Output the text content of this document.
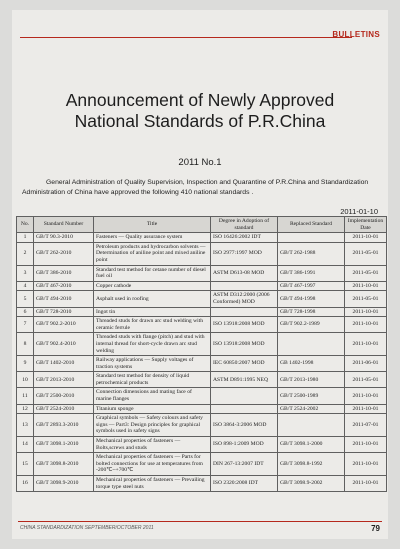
BULLETINS
Announcement of Newly Approved
National Standards of P.R.China
2011 No.1
General Administration of Quality Supervision, Inspection and Quarantine of P.R.China and Standardization Administration of China have approved the following 410 national standards .
2011-01-10
No.	Standard Number	Title	Degree in Adoption of standard	Replaced Standard	Implementation Date
1	GB/T 90.3-2010	Fasteners — Quality assurance system	ISO 16426:2002 IDT		2011-10-01
2	GB/T 262-2010	Petroleum products and hydrocarbon solvents — Determination of aniline point and mixed aniline point	ISO 2977:1997 MOD	GB/T 262-1988	2011-05-01
3	GB/T 386-2010	Standard test method for cetane number of diesel fuel oil	ASTM D613-08 MOD	GB/T 386-1991	2011-05-01
4	GB/T 467-2010	Copper cathode		GB/T 467-1997	2011-10-01
5	GB/T 494-2010	Asphalt used in roofing	ASTM D312:2000 (2006 Conformed) MOD	GB/T 494-1998	2011-05-01
6	GB/T 728-2010	Ingot tin		GB/T 728-1998	2011-10-01
7	GB/T 902.2-2010	Threaded studs for drawn arc stud welding with ceramic ferrule	ISO 13918:2008 MOD	GB/T 902.2-1989	2011-10-01
8	GB/T 902.4-2010	Threaded studs with flange (pitch) and stud with internal thread for short-cycle drawn arc stud welding	ISO 13918:2008 MOD		2011-10-01
9	GB/T 1402-2010	Railway applications — Supply voltages of traction systems	IEC 60850:2007 MOD	GB 1402-1998	2011-06-01
10	GB/T 2013-2010	Standard test method for density of liquid petrochemical products	ASTM D891:1995 NEQ	GB/T 2013-1980	2011-05-01
11	GB/T 2500-2010	Connection dimensions and mating face of marine flanges		GB/T 2500-1989	2011-10-01
12	GB/T 2524-2010	Titanium sponge		GB/T 2524-2002	2011-10-01
13	GB/T 2893.3-2010	Graphical symbols — Safety colours and safety signs — Part3: Design principles for graphical symbols used in safety signs	ISO 3864-3:2006 MOD		2011-07-01
14	GB/T 3098.1-2010	Mechanical properties of fasteners — Bolts,screws and studs	ISO 898-1:2009 MOD	GB/T 3098.1-2000	2011-10-01
15	GB/T 3098.8-2010	Mechanical properties of fasteners — Parts for bolted connections for use at temperatures from -200℃~+700℃	DIN 267-13:2007 IDT	GB/T 3098.8-1992	2011-10-01
16	GB/T 3098.9-2010	Mechanical properties of fasteners — Prevailing torque type steel nuts	ISO 2320:2008 IDT	GB/T 3098.9-2002	2011-10-01
CHINA STANDARDIZATION SEPTEMBER/OCTOBER 2011	79
